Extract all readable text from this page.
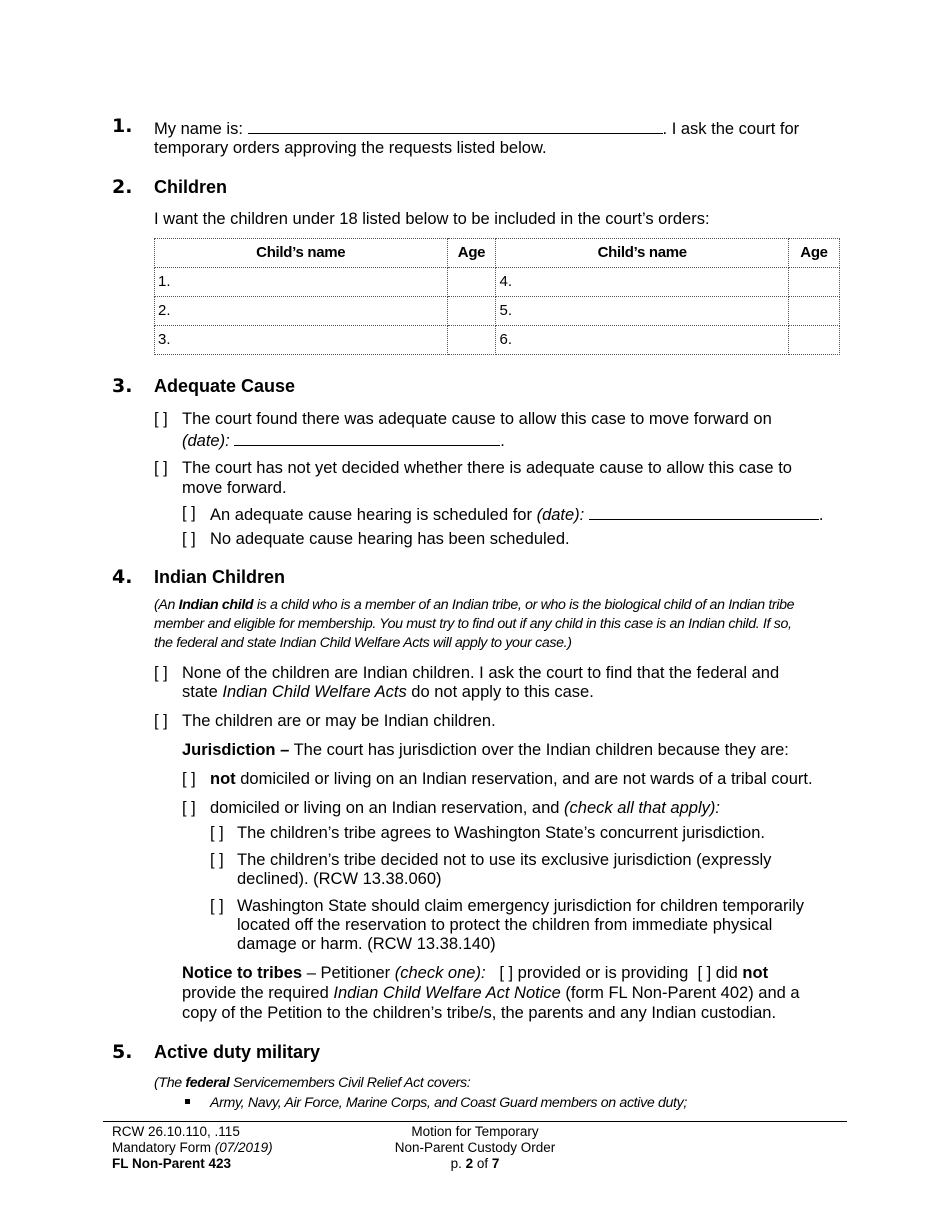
1. My name is:	. I ask the court for
temporary orders approving the requests listed below.
2. Children
I want the children under 18 listed below to be included in the court’s orders:
Child’s name	Age	Child’s name	Age
1.		4.	
2.		5.	
3.		6.	
3. Adequate Cause
[ ] The court found there was adequate cause to allow this case to move forward on
(date):	.
[ ] The court has not yet decided whether there is adequate cause to allow this case to
move forward.
[ ] An adequate cause hearing is scheduled for (date):	.
[ ] No adequate cause hearing has been scheduled.
4. Indian Children
(An Indian child is a child who is a member of an Indian tribe, or who is the biological child of an Indian tribe
member and eligible for membership. You must try to find out if any child in this case is an Indian child. If so,
the federal and state Indian Child Welfare Acts will apply to your case.)
[ ] None of the children are Indian children. I ask the court to find that the federal and
state Indian Child Welfare Acts do not apply to this case.
[ ] The children are or may be Indian children.
Jurisdiction – The court has jurisdiction over the Indian children because they are:
[ ] not domiciled or living on an Indian reservation, and are not wards of a tribal court.
[ ] domiciled or living on an Indian reservation, and (check all that apply):
[ ] The children’s tribe agrees to Washington State’s concurrent jurisdiction.
[ ] The children’s tribe decided not to use its exclusive jurisdiction (expressly
declined). (RCW 13.38.060)
[ ] Washington State should claim emergency jurisdiction for children temporarily
located off the reservation to protect the children from immediate physical
damage or harm. (RCW 13.38.140)
Notice to tribes – Petitioner (check one): [ ] provided or is providing [ ] did not
provide the required Indian Child Welfare Act Notice (form FL Non-Parent 402) and a
copy of the Petition to the children’s tribe/s, the parents and any Indian custodian.
5. Active duty military
(The federal Servicemembers Civil Relief Act covers:
Army, Navy, Air Force, Marine Corps, and Coast Guard members on active duty;
RCW 26.10.110, .115
Mandatory Form (07/2019)
FL Non-Parent 423
Motion for Temporary
Non-Parent Custody Order
p. 2 of 7
